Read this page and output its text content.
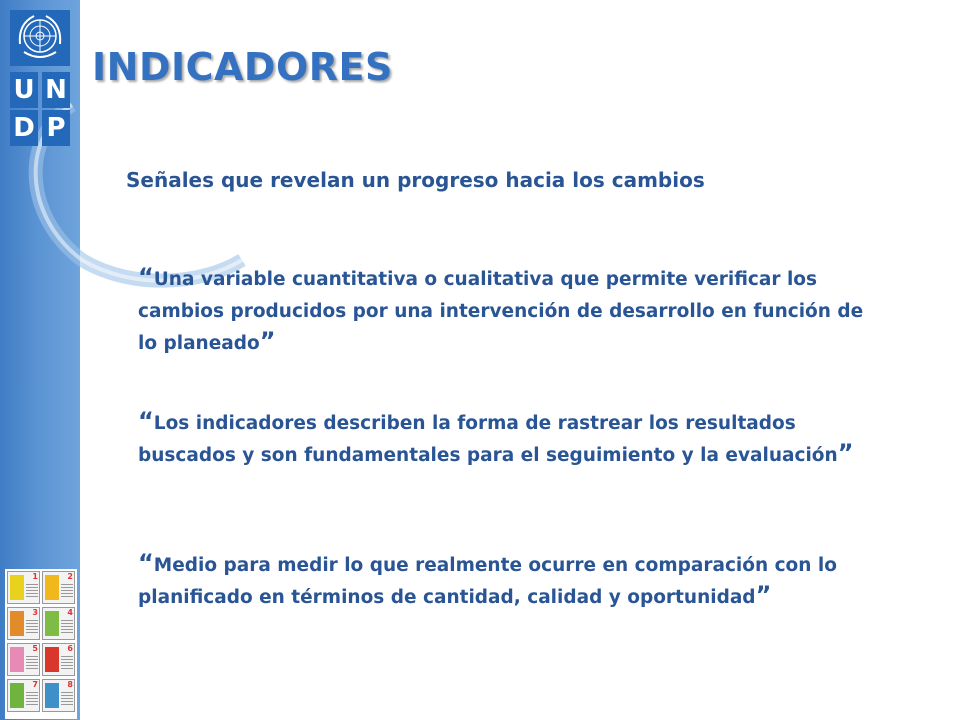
U N
D P
1	2
3	4
5	6
7	8
INDICADORES
Señales que revelan un progreso hacia los cambios

“Una variable cuantitativa o cualitativa que permite verificar los cambios producidos por una intervención de desarrollo en función de lo planeado”

“Los indicadores describen la forma de rastrear los resultados buscados y son fundamentales para el seguimiento y la evaluación”

“Medio para medir lo que realmente ocurre en comparación con lo planificado en términos de cantidad, calidad y oportunidad”
